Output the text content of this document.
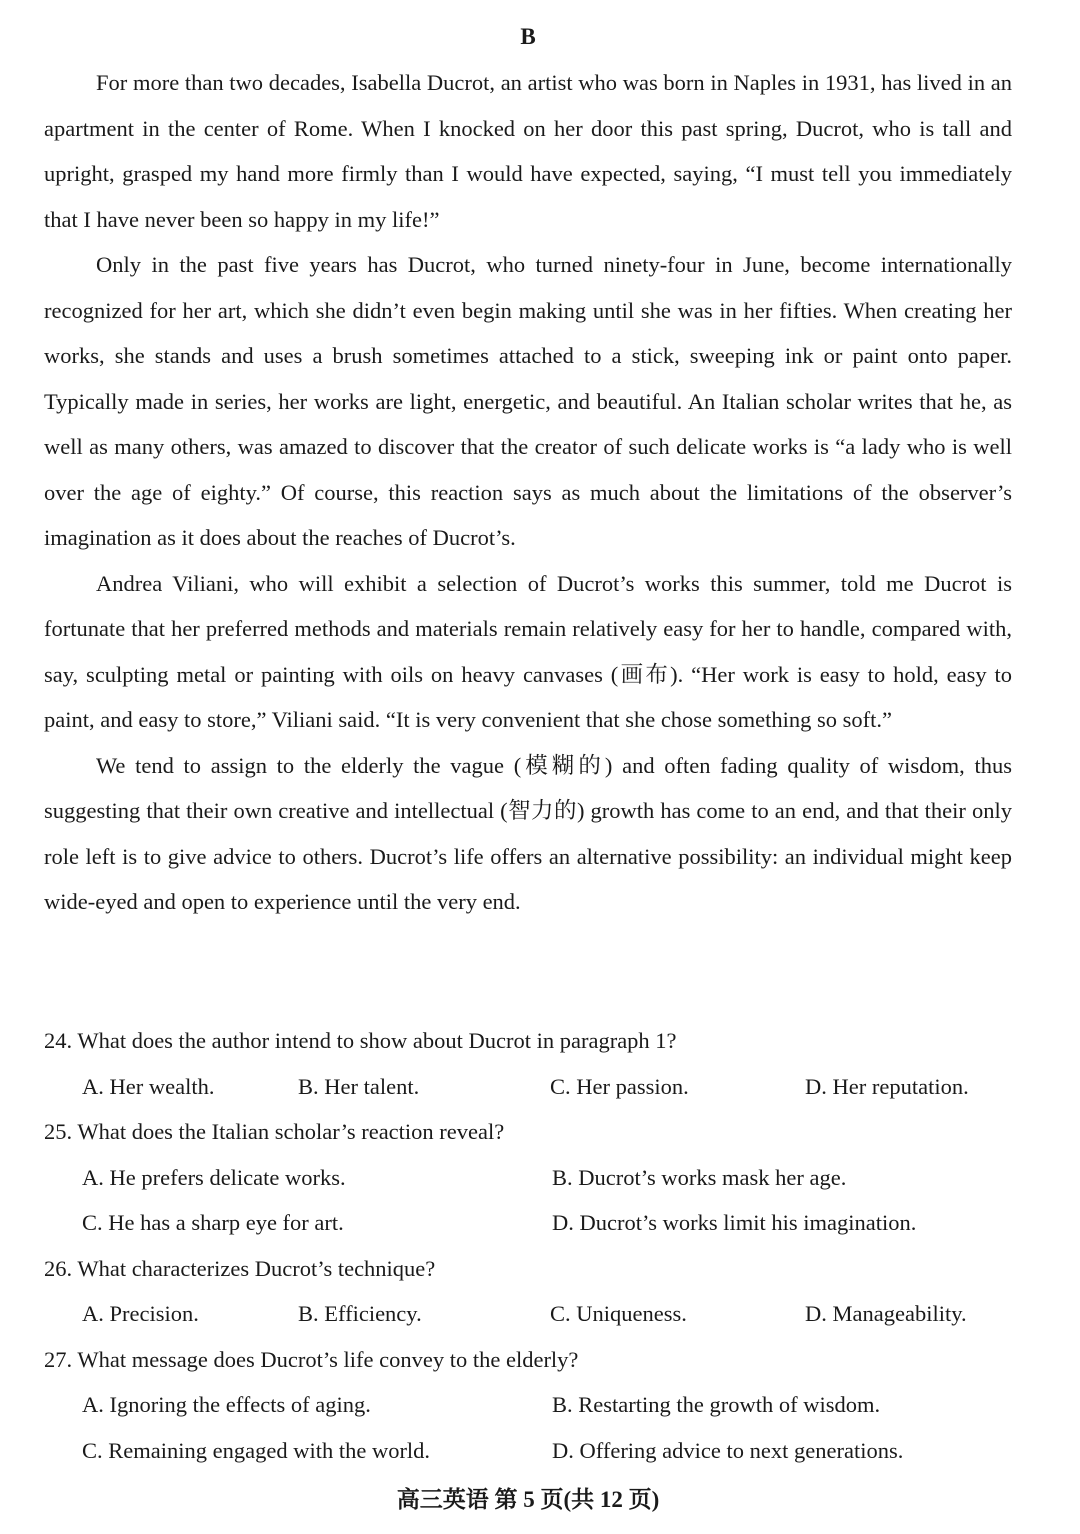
B

For more than two decades, Isabella Ducrot, an artist who was born in Naples in 1931, has lived in an apartment in the center of Rome. When I knocked on her door this past spring, Ducrot, who is tall and upright, grasped my hand more firmly than I would have expected, saying, “I must tell you immediately that I have never been so happy in my life!”

Only in the past five years has Ducrot, who turned ninety-four in June, become internationally recognized for her art, which she didn’t even begin making until she was in her fifties. When creating her works, she stands and uses a brush sometimes attached to a stick, sweeping ink or paint onto paper. Typically made in series, her works are light, energetic, and beautiful. An Italian scholar writes that he, as well as many others, was amazed to discover that the creator of such delicate works is “a lady who is well over the age of eighty.” Of course, this reaction says as much about the limitations of the observer’s imagination as it does about the reaches of Ducrot’s.

Andrea Viliani, who will exhibit a selection of Ducrot’s works this summer, told me Ducrot is fortunate that her preferred methods and materials remain relatively easy for her to handle, compared with, say, sculpting metal or painting with oils on heavy canvases (画布). “Her work is easy to hold, easy to paint, and easy to store,” Viliani said. “It is very convenient that she chose something so soft.”

We tend to assign to the elderly the vague (模糊的) and often fading quality of wisdom, thus suggesting that their own creative and intellectual (智力的) growth has come to an end, and that their only role left is to give advice to others. Ducrot’s life offers an alternative possibility: an individual might keep wide-eyed and open to experience until the very end.

24. What does the author intend to show about Ducrot in paragraph 1?
A. Her wealth.	B. Her talent.	C. Her passion.	D. Her reputation.
25. What does the Italian scholar’s reaction reveal?
A. He prefers delicate works.	B. Ducrot’s works mask her age.
C. He has a sharp eye for art.	D. Ducrot’s works limit his imagination.
26. What characterizes Ducrot’s technique?
A. Precision.	B. Efficiency.	C. Uniqueness.	D. Manageability.
27. What message does Ducrot’s life convey to the elderly?
A. Ignoring the effects of aging.	B. Restarting the growth of wisdom.
C. Remaining engaged with the world.	D. Offering advice to next generations.
高三英语 第 5 页(共 12 页)
